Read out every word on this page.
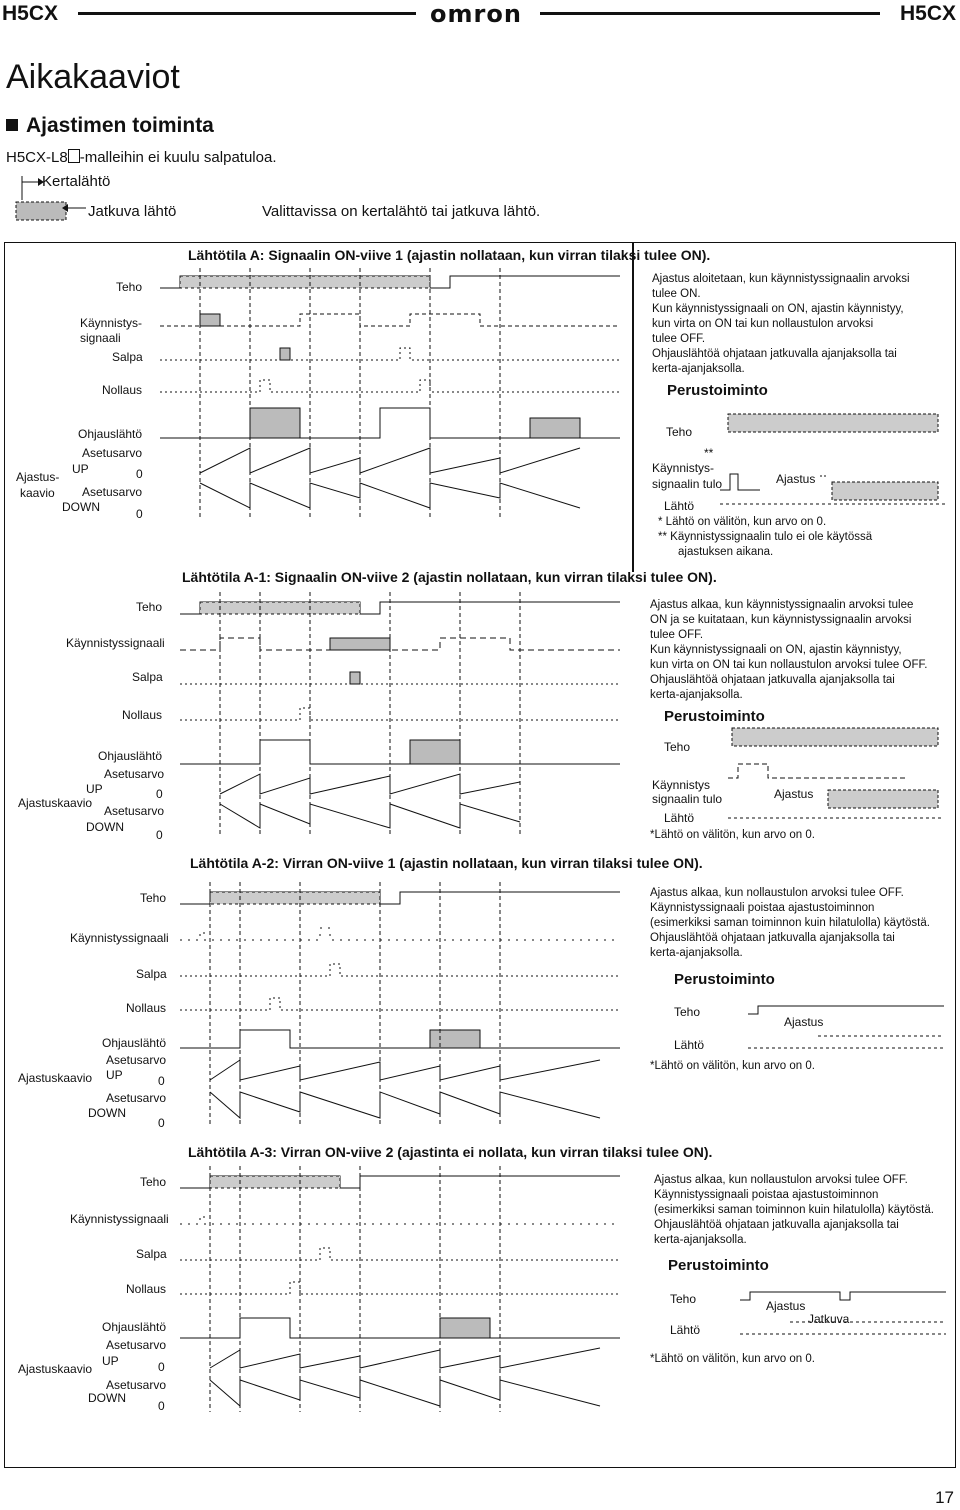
H5CX	omron	H5CX
Aikakaaviot
Ajastimen toiminta
H5CX-L8 -malleihin ei kuulu salpatuloa.
Kertalähtö
Jatkuva lähtö	Valittavissa on kertalähtö tai jatkuva lähtö.
Lähtötila A: Signaalin ON-viive 1 (ajastin nollataan, kun virran tilaksi tulee ON).
Teho
Käynnistys-
signaali
Salpa
Nollaus
Ohjauslähtö
Asetusarvo
UP	0
Asetusarvo
DOWN	0
Ajastus-
kaavio
Ajastus aloitetaan, kun käynnistyssignaalin arvoksi
tulee ON.
Kun käynnistyssignaali on ON, ajastin käynnistyy,
kun virta on ON tai kun nollaustulon arvoksi
tulee OFF.
Ohjauslähtöä ohjataan jatkuvalla ajanjaksolla tai
kerta-ajanjaksolla.
Perustoiminto
Teho
**
Käynnistys-
signaalin tulo	Ajastus
Lähtö
* Lähtö on välitön, kun arvo on 0.
** Käynnistyssignaalin tulo ei ole käytössä
ajastuksen aikana.
Lähtötila A-1: Signaalin ON-viive 2 (ajastin nollataan, kun virran tilaksi tulee ON).
Teho
Käynnistyssignaali
Salpa
Nollaus
Ohjauslähtö
Asetusarvo
UP	0
Asetusarvo
DOWN
0
Ajastuskaavio
Ajastus alkaa, kun käynnistyssignaalin arvoksi tulee
ON ja se kuitataan, kun käynnistyssignaalin arvoksi
tulee OFF.
Kun käynnistyssignaali on ON, ajastin käynnistyy,
kun virta on ON tai kun nollaustulon arvoksi tulee OFF.
Ohjauslähtöä ohjataan jatkuvalla ajanjaksolla tai
kerta-ajanjaksolla.
Perustoiminto
Teho
Käynnistys
signaalin tulo	Ajastus
Lähtö
*Lähtö on välitön, kun arvo on 0.
Lähtötila A-2: Virran ON-viive 1 (ajastin nollataan, kun virran tilaksi tulee ON).
Teho
Käynnistyssignaali
Salpa
Nollaus
Ohjauslähtö
Asetusarvo
UP	0
Asetusarvo
DOWN
0
Ajastuskaavio
Ajastus alkaa, kun nollaustulon arvoksi tulee OFF.
Käynnistyssignaali poistaa ajastustoiminnon
(esimerkiksi saman toiminnon kuin hilatulolla) käytöstä.
Ohjauslähtöä ohjataan jatkuvalla ajanjaksolla tai
kerta-ajanjaksolla.
Perustoiminto
Teho
Ajastus
Lähtö
*Lähtö on välitön, kun arvo on 0.
Lähtötila A-3: Virran ON-viive 2 (ajastinta ei nollata, kun virran tilaksi tulee ON).
Teho
Käynnistyssignaali
Salpa
Nollaus
Ohjauslähtö
Asetusarvo
UP	0
Asetusarvo
DOWN
0
Ajastuskaavio
Ajastus alkaa, kun nollaustulon arvoksi tulee OFF.
Käynnistyssignaali poistaa ajastustoiminnon
(esimerkiksi saman toiminnon kuin hilatulolla) käytöstä.
Ohjauslähtöä ohjataan jatkuvalla ajanjaksolla tai
kerta-ajanjaksolla.
Perustoiminto
Teho	Ajastus
Jatkuva
Lähtö
*Lähtö on välitön, kun arvo on 0.
17
